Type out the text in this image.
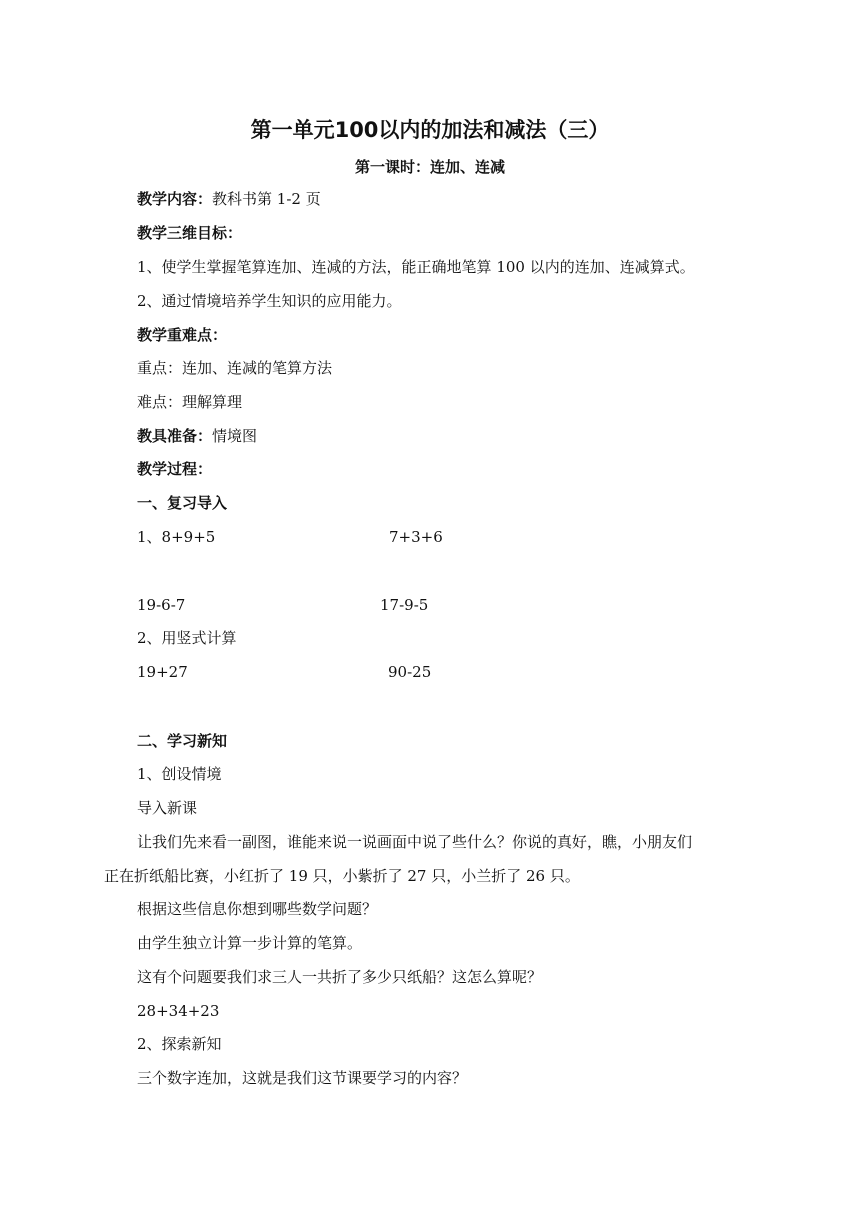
第一单元100以内的加法和减法（三）
第一课时：连加、连减
教学内容：教科书第 1-2 页
教学三维目标：
1、使学生掌握笔算连加、连减的方法，能正确地笔算 100 以内的连加、连减算式。
2、通过情境培养学生知识的应用能力。
教学重难点：
重点：连加、连减的笔算方法
难点：理解算理
教具准备：情境图
教学过程：
一、复习导入
1、8+9+5	7+3+6
19-6-7	17-9-5
2、用竖式计算
19+27	90-25
二、学习新知
1、创设情境
导入新课
让我们先来看一副图，谁能来说一说画面中说了些什么？你说的真好，瞧，小朋友们
正在折纸船比赛，小红折了 19 只，小紫折了 27 只，小兰折了 26 只。
根据这些信息你想到哪些数学问题？
由学生独立计算一步计算的笔算。
这有个问题要我们求三人一共折了多少只纸船？这怎么算呢？
28+34+23
2、探索新知
三个数字连加，这就是我们这节课要学习的内容？
